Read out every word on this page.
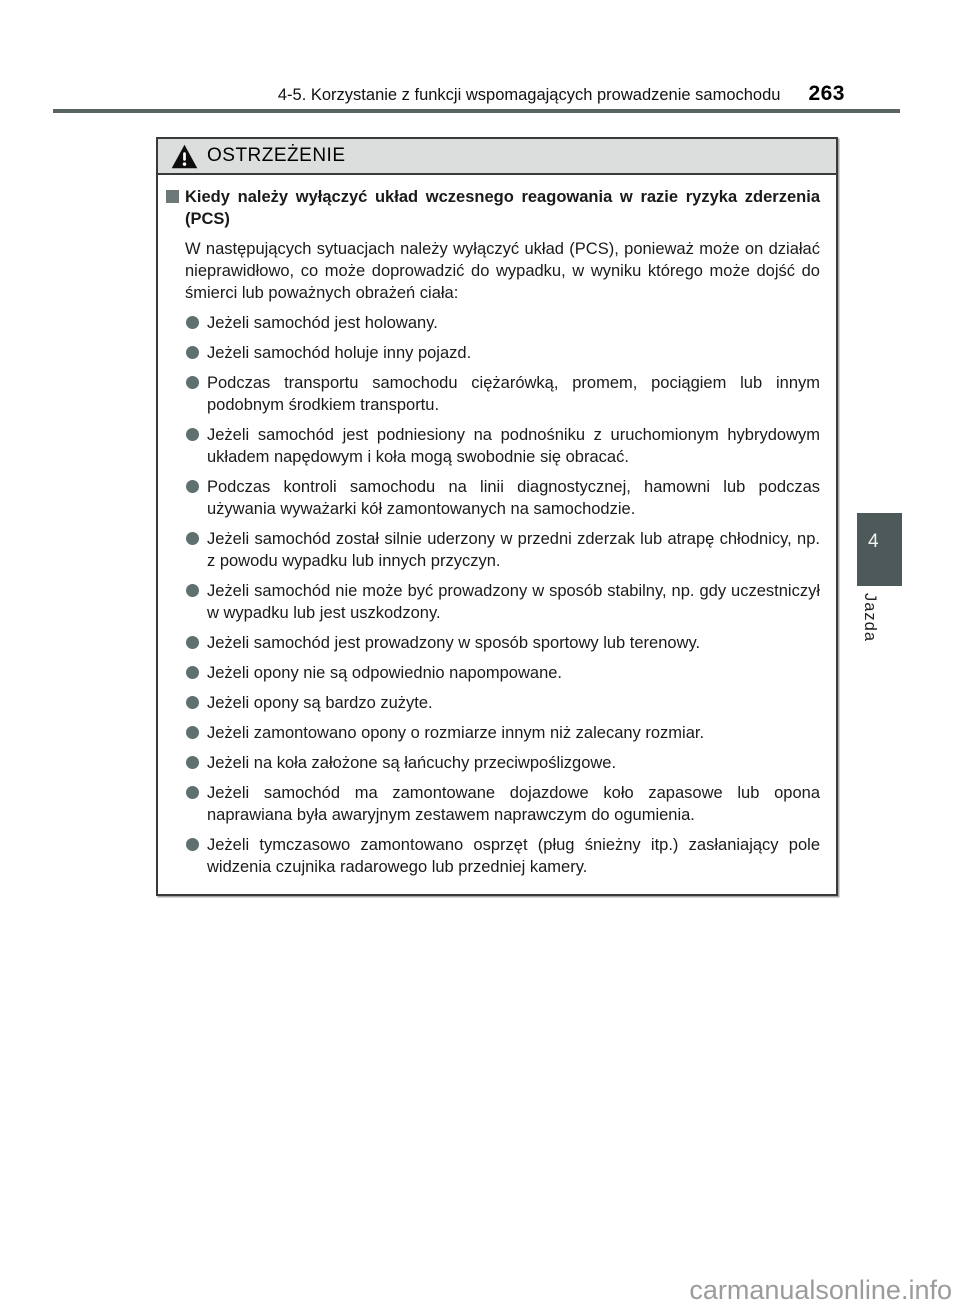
4-5. Korzystanie z funkcji wspomagających prowadzenie samochodu 263
OSTRZEŻENIE
Kiedy należy wyłączyć układ wczesnego reagowania w razie ryzyka zderzenia (PCS)

W następujących sytuacjach należy wyłączyć układ (PCS), ponieważ może on działać nieprawidłowo, co może doprowadzić do wypadku, w wyniku którego może dojść do śmierci lub poważnych obrażeń ciała:

Jeżeli samochód jest holowany.
Jeżeli samochód holuje inny pojazd.
Podczas transportu samochodu ciężarówką, promem, pociągiem lub innym podobnym środkiem transportu.
Jeżeli samochód jest podniesiony na podnośniku z uruchomionym hybrydowym układem napędowym i koła mogą swobodnie się obracać.
Podczas kontroli samochodu na linii diagnostycznej, hamowni lub podczas używania wyważarki kół zamontowanych na samochodzie.
Jeżeli samochód został silnie uderzony w przedni zderzak lub atrapę chłodnicy, np. z powodu wypadku lub innych przyczyn.
Jeżeli samochód nie może być prowadzony w sposób stabilny, np. gdy uczestniczył w wypadku lub jest uszkodzony.
Jeżeli samochód jest prowadzony w sposób sportowy lub terenowy.
Jeżeli opony nie są odpowiednio napompowane.
Jeżeli opony są bardzo zużyte.
Jeżeli zamontowano opony o rozmiarze innym niż zalecany rozmiar.
Jeżeli na koła założone są łańcuchy przeciwpoślizgowe.
Jeżeli samochód ma zamontowane dojazdowe koło zapasowe lub opona naprawiana była awaryjnym zestawem naprawczym do ogumienia.
Jeżeli tymczasowo zamontowano osprzęt (pług śnieżny itp.) zasłaniający pole widzenia czujnika radarowego lub przedniej kamery.
4
Jazda
carmanualsonline.info
